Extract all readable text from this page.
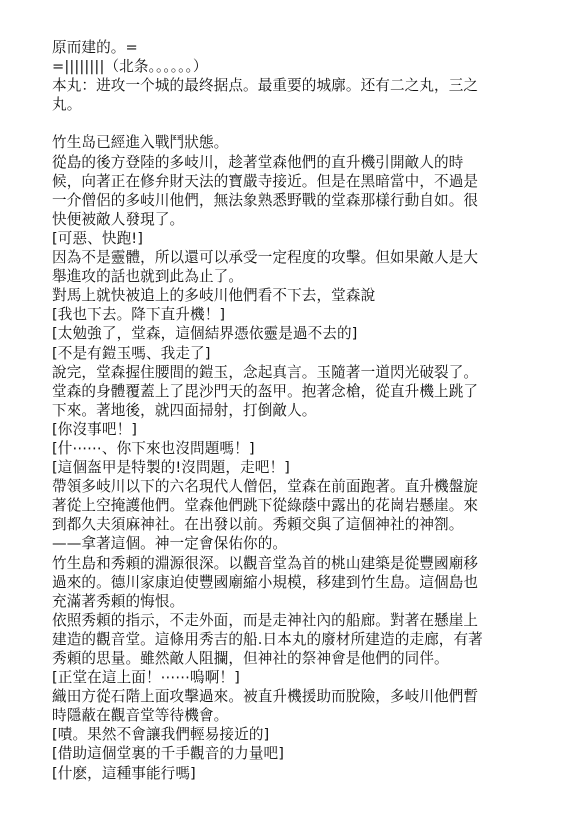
原而建的。=
=||||||||（北条。。。。。。）
本丸：进攻一个城的最终据点。最重要的城廓。还有二之丸，三之
丸。
竹生岛已經進入戰鬥狀態。
從島的後方登陸的多岐川，趁著堂森他們的直升機引開敵人的時
候，向著正在修弁財天法的寶嚴寺接近。但是在黑暗當中，不過是
一介僧侶的多岐川他們，無法象熟悉野戰的堂森那樣行動自如。很
快便被敵人發現了。
[可惡、快跑!]
因為不是靈體，所以還可以承受一定程度的攻擊。但如果敵人是大
舉進攻的話也就到此為止了。
對馬上就快被追上的多岐川他們看不下去，堂森說
[我也下去。降下直升機！]
[太勉強了，堂森，這個結界憑依靈是過不去的]
[不是有鎧玉嗎、我走了]
說完，堂森握住腰間的鎧玉，念起真言。玉隨著一道閃光破裂了。
堂森的身體覆蓋上了毘沙門天的盔甲。抱著念槍，從直升機上跳了
下來。著地後，就四面掃射，打倒敵人。
[你沒事吧！]
[什⋯⋯、你下來也沒問題嗎！]
[這個盔甲是特製的!沒問題，走吧！]
帶領多岐川以下的六名現代人僧侶，堂森在前面跑著。直升機盤旋
著從上空掩護他們。堂森他們跳下從綠蔭中露出的花崗岩懸崖。來
到都久夫須麻神社。在出發以前。秀頼交與了這個神社的神劄。
——拿著這個。神一定會保佑你的。
竹生島和秀頼的淵源很深。以觀音堂為首的桃山建築是從豐國廟移
過來的。德川家康迫使豐國廟縮小規模，移建到竹生島。這個島也
充滿著秀頼的悔恨。
依照秀頼的指示，不走外面，而是走神社內的船廊。對著在懸崖上
建造的觀音堂。這條用秀吉的船.日本丸的廢材所建造的走廊，有著
秀頼的思量。雖然敵人阻攔，但神社的祭神會是他們的同伴。
[正堂在這上面！⋯⋯嗚啊！]
織田方從石階上面攻擊過來。被直升機援助而脫險，多岐川他們暫
時隱蔽在觀音堂等待機會。
[嘖。果然不會讓我們輕易接近的]
[借助這個堂裏的千手觀音的力量吧]
[什麽，這種事能行嗎]
